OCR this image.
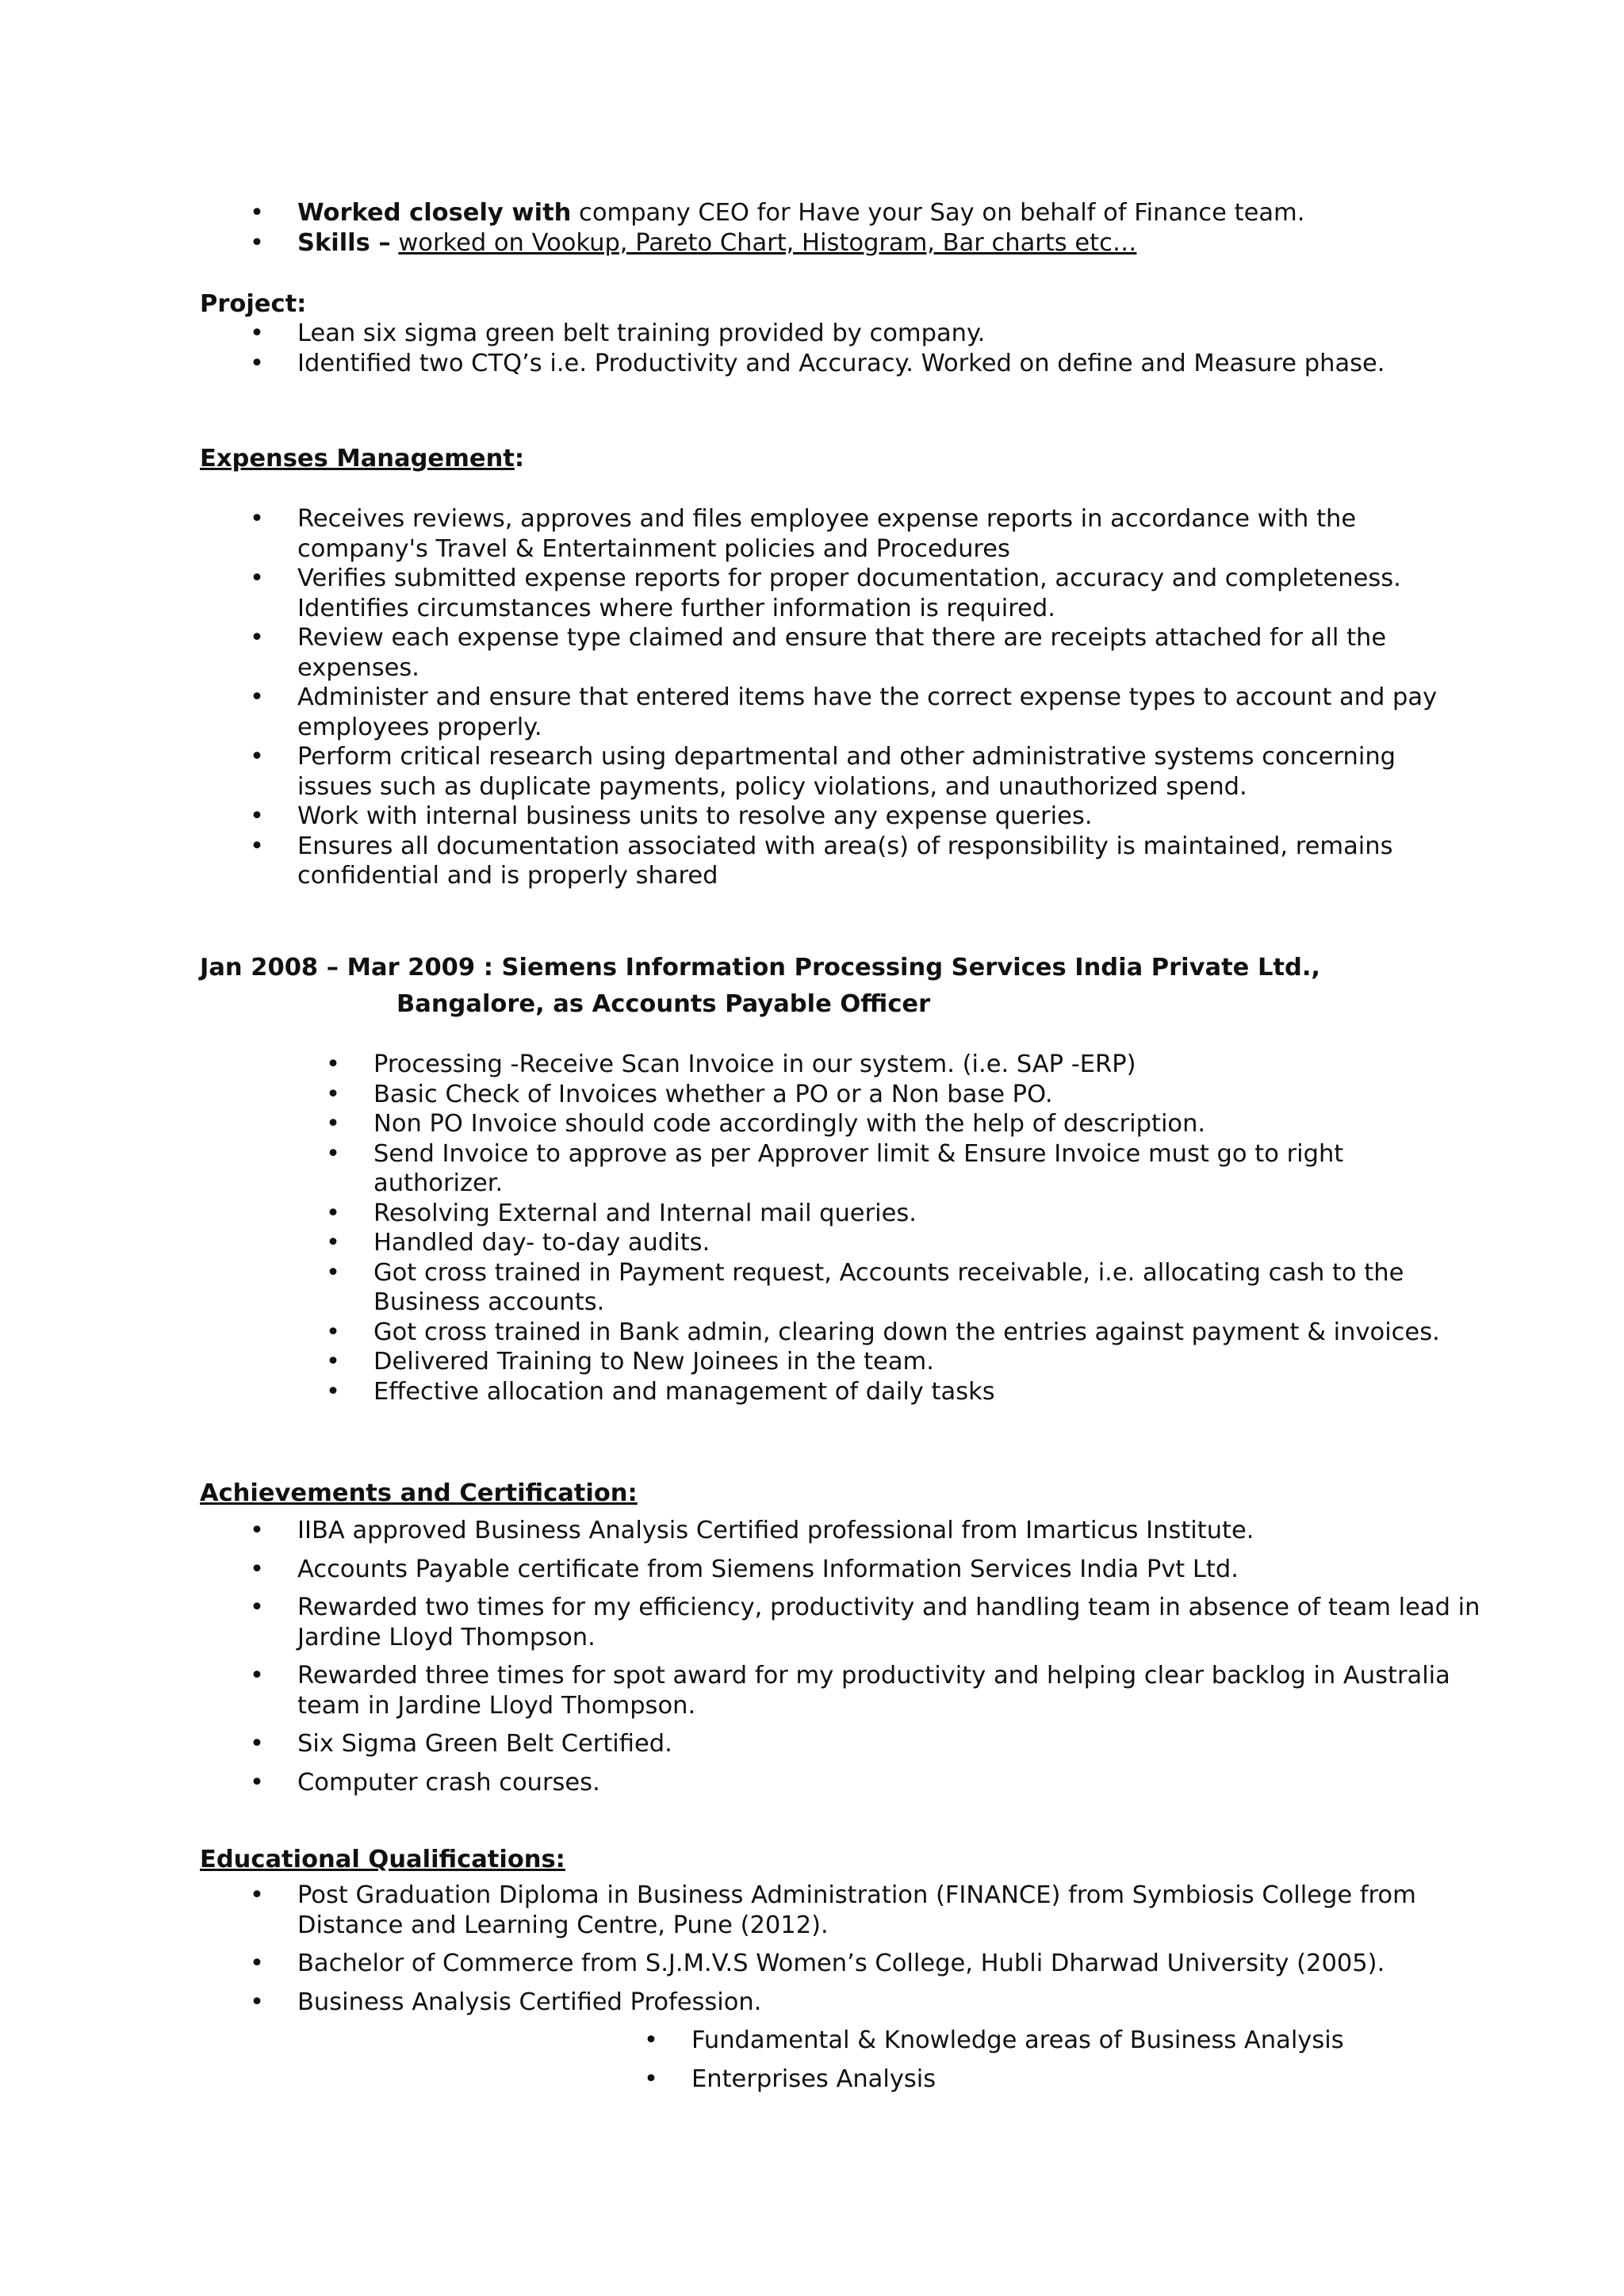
• Worked closely with company CEO for Have your Say on behalf of Finance team.
• Skills – worked on Vookup, Pareto Chart, Histogram, Bar charts etc…
Project:
• Lean six sigma green belt training provided by company.
• Identified two CTQ’s i.e. Productivity and Accuracy. Worked on define and Measure phase.
Expenses Management:
• Receives reviews, approves and files employee expense reports in accordance with the company's Travel & Entertainment policies and Procedures
• Verifies submitted expense reports for proper documentation, accuracy and completeness. Identifies circumstances where further information is required.
• Review each expense type claimed and ensure that there are receipts attached for all the expenses.
• Administer and ensure that entered items have the correct expense types to account and pay employees properly.
• Perform critical research using departmental and other administrative systems concerning issues such as duplicate payments, policy violations, and unauthorized spend.
• Work with internal business units to resolve any expense queries.
• Ensures all documentation associated with area(s) of responsibility is maintained, remains confidential and is properly shared
Jan 2008 – Mar 2009 : Siemens Information Processing Services India Private Ltd.,
Bangalore, as Accounts Payable Officer
• Processing -Receive Scan Invoice in our system. (i.e. SAP -ERP)
• Basic Check of Invoices whether a PO or a Non base PO.
• Non PO Invoice should code accordingly with the help of description.
• Send Invoice to approve as per Approver limit & Ensure Invoice must go to right authorizer.
• Resolving External and Internal mail queries.
• Handled day- to-day audits.
• Got cross trained in Payment request, Accounts receivable, i.e. allocating cash to the Business accounts.
• Got cross trained in Bank admin, clearing down the entries against payment & invoices.
• Delivered Training to New Joinees in the team.
• Effective allocation and management of daily tasks
Achievements and Certification:
• IIBA approved Business Analysis Certified professional from Imarticus Institute.
• Accounts Payable certificate from Siemens Information Services India Pvt Ltd.
• Rewarded two times for my efficiency, productivity and handling team in absence of team lead in Jardine Lloyd Thompson.
• Rewarded three times for spot award for my productivity and helping clear backlog in Australia team in Jardine Lloyd Thompson.
• Six Sigma Green Belt Certified.
• Computer crash courses.
Educational Qualifications:
• Post Graduation Diploma in Business Administration (FINANCE) from Symbiosis College from Distance and Learning Centre, Pune (2012).
• Bachelor of Commerce from S.J.M.V.S Women’s College, Hubli Dharwad University (2005).
• Business Analysis Certified Profession.
• Fundamental & Knowledge areas of Business Analysis
• Enterprises Analysis
